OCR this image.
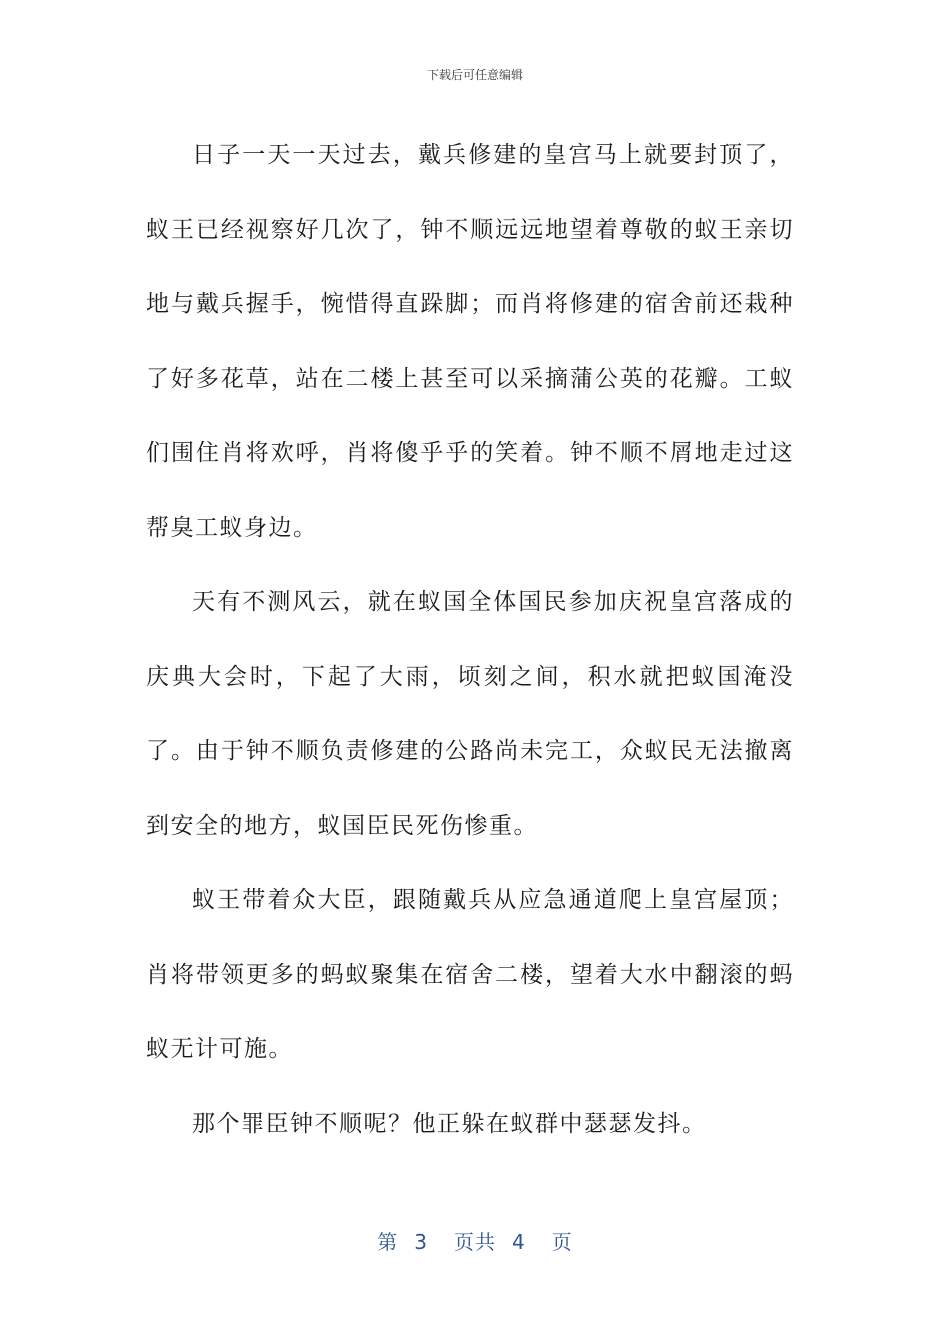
下载后可任意编辑

日子一天一天过去，戴兵修建的皇宫马上就要封顶了，蚁王已经视察好几次了，钟不顺远远地望着尊敬的蚁王亲切地与戴兵握手，惋惜得直跺脚；而肖将修建的宿舍前还栽种了好多花草，站在二楼上甚至可以采摘蒲公英的花瓣。工蚁们围住肖将欢呼，肖将傻乎乎的笑着。钟不顺不屑地走过这帮臭工蚁身边。

天有不测风云，就在蚁国全体国民参加庆祝皇宫落成的庆典大会时，下起了大雨，顷刻之间，积水就把蚁国淹没了。由于钟不顺负责修建的公路尚未完工，众蚁民无法撤离到安全的地方，蚁国臣民死伤惨重。

蚁王带着众大臣，跟随戴兵从应急通道爬上皇宫屋顶；肖将带领更多的蚂蚁聚集在宿舍二楼，望着大水中翻滚的蚂蚁无计可施。

那个罪臣钟不顺呢？他正躲在蚁群中瑟瑟发抖。

第 3 页共 4 页
